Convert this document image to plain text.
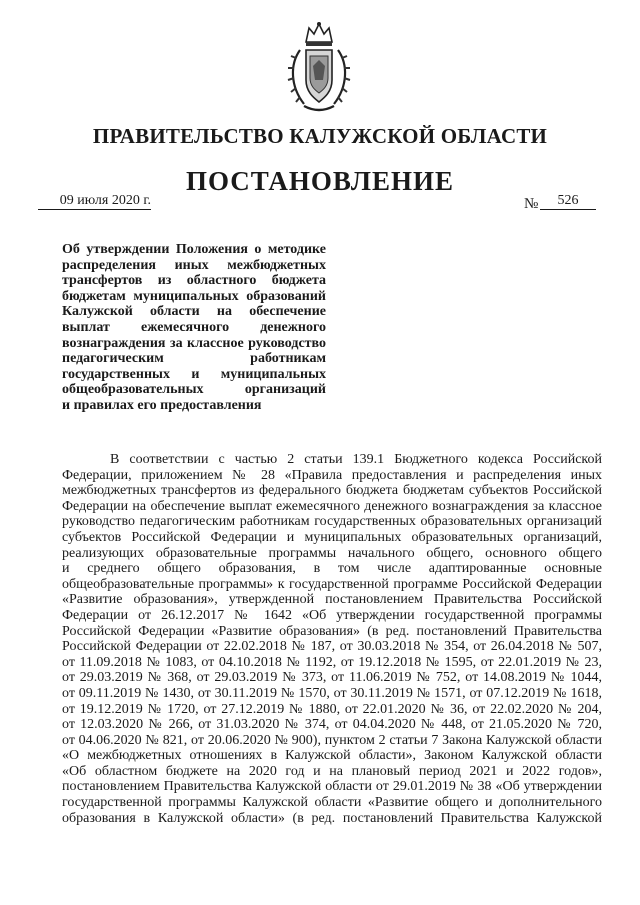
ПРАВИТЕЛЬСТВО КАЛУЖСКОЙ ОБЛАСТИ
ПОСТАНОВЛЕНИЕ
09 июля 2020 г.	№	526
Об утверждении Положения о методике
распределения иных межбюджетных
трансфертов из областного бюджета
бюджетам муниципальных образований
Калужской области на обеспечение
выплат ежемесячного денежного
вознаграждения за классное руководство
педагогическим работникам
государственных и муниципальных
общеобразовательных организаций
и правилах его предоставления
В соответствии с частью 2 статьи 139.1 Бюджетного кодекса Российской
Федерации, приложением № 28 «Правила предоставления и распределения иных
межбюджетных трансфертов из федерального бюджета бюджетам субъектов Российской
Федерации на обеспечение выплат ежемесячного денежного вознаграждения за классное
руководство педагогическим работникам государственных образовательных организаций
субъектов Российской Федерации и муниципальных образовательных организаций,
реализующих образовательные программы начального общего, основного общего
и среднего общего образования, в том числе адаптированные основные
общеобразовательные программы» к государственной программе Российской Федерации
«Развитие образования», утвержденной постановлением Правительства Российской
Федерации от 26.12.2017 № 1642 «Об утверждении государственной программы
Российской Федерации «Развитие образования» (в ред. постановлений Правительства
Российской Федерации от 22.02.2018 № 187, от 30.03.2018 № 354, от 26.04.2018 № 507,
от 11.09.2018 № 1083, от 04.10.2018 № 1192, от 19.12.2018 № 1595, от 22.01.2019 № 23,
от 29.03.2019 № 368, от 29.03.2019 № 373, от 11.06.2019 № 752, от 14.08.2019 № 1044,
от 09.11.2019 № 1430, от 30.11.2019 № 1570, от 30.11.2019 № 1571, от 07.12.2019 № 1618,
от 19.12.2019 № 1720, от 27.12.2019 № 1880, от 22.01.2020 № 36, от 22.02.2020 № 204,
от 12.03.2020 № 266, от 31.03.2020 № 374, от 04.04.2020 № 448, от 21.05.2020 № 720,
от 04.06.2020 № 821, от 20.06.2020 № 900), пунктом 2 статьи 7 Закона Калужской области
«О межбюджетных отношениях в Калужской области», Законом Калужской области
«Об областном бюджете на 2020 год и на плановый период 2021 и 2022 годов»,
постановлением Правительства Калужской области от 29.01.2019 № 38 «Об утверждении
государственной программы Калужской области «Развитие общего и дополнительного
образования в Калужской области» (в ред. постановлений Правительства Калужской
